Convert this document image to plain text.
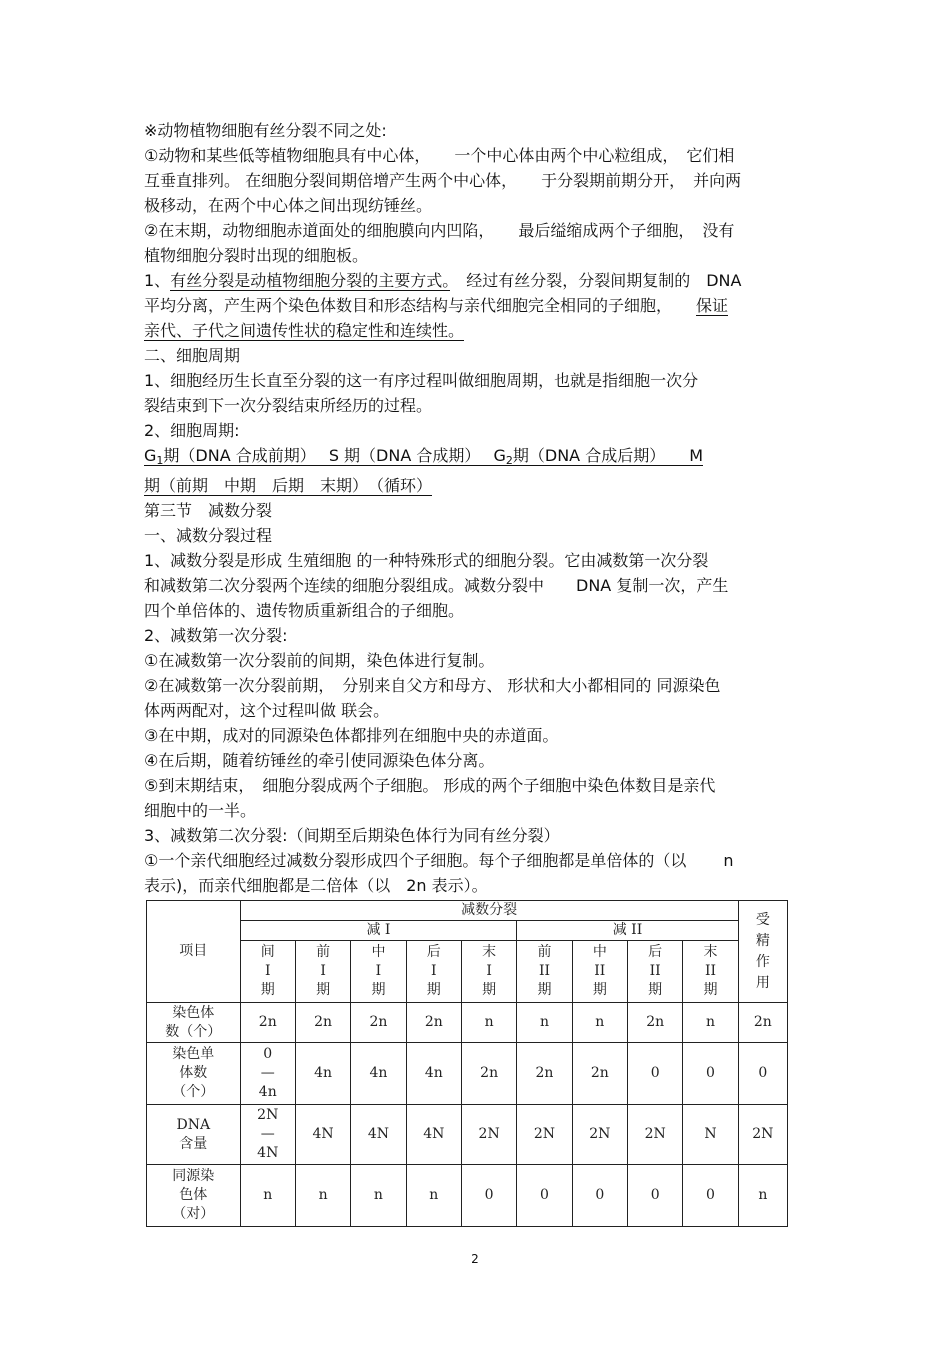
※动物植物细胞有丝分裂不同之处:
①动物和某些低等植物细胞具有中心体，　　一个中心体由两个中心粒组成，　它们相
互垂直排列。 在细胞分裂间期倍增产生两个中心体，　　于分裂期前期分开，　并向两
极移动，在两个中心体之间出现纺锤丝。
②在末期，动物细胞赤道面处的细胞膜向内凹陷，　　最后缢缩成两个子细胞，　没有
植物细胞分裂时出现的细胞板。
1、有丝分裂是动植物细胞分裂的主要方式。　经过有丝分裂，分裂间期复制的　DNA
平均分离，产生两个染色体数目和形态结构与亲代细胞完全相同的子细胞，　　保证
亲代、子代之间遗传性状的稳定性和连续性。
二、细胞周期
1、细胞经历生长直至分裂的这一有序过程叫做细胞周期，也就是指细胞一次分
裂结束到下一次分裂结束所经历的过程。
2、细胞周期:
$G_1$期（DNA 合成前期）　 S 期（DNA 合成期）　 $G_2$期（DNA 合成后期）　　M
期（前期　中期　后期　末期）　（循环）
第三节　减数分裂
一、减数分裂过程
1、减数分裂是形成 生殖细胞 的一种特殊形式的细胞分裂。它由减数第一次分裂
和减数第二次分裂两个连续的细胞分裂组成。减数分裂中　　DNA 复制一次，产生
四个单倍体的、遗传物质重新组合的子细胞。
2、减数第一次分裂:
①在减数第一次分裂前的间期，染色体进行复制。
②在减数第一次分裂前期，　分别来自父方和母方、 形状和大小都相同的 同源染色
体两两配对，这个过程叫做 联会。
③在中期，成对的同源染色体都排列在细胞中央的赤道面。
④在后期，随着纺锤丝的牵引使同源染色体分离。
⑤到末期结束，　细胞分裂成两个子细胞。 形成的两个子细胞中染色体数目是亲代
细胞中的一半。
3、减数第二次分裂:（间期至后期染色体行为同有丝分裂）
①一个亲代细胞经过减数分裂形成四个子细胞。每个子细胞都是单倍体的（以　　 n
表示)，而亲代细胞都是二倍体（以　2n 表示）。
项目	减数分裂									受
精
作
用

	减 I					减 II				

	间
I
期	前
I
期	中
I
期	后
I
期	末
I
期	前
II
期	中
II
期	后
II
期	末
II
期	

染色体
数（个）	2n	2n	2n	2n	n	n	n	2n	n	2n

染色单
体数
（个）	0
—
4n	4n	4n	4n	2n	2n	2n	0	0	0

DNA
含量	2N
—
4N	4N	4N	4N	2N	2N	2N	2N	N	2N

同源染
色体
（对）	n	n	n	n	0	0	0	0	0	n
2
